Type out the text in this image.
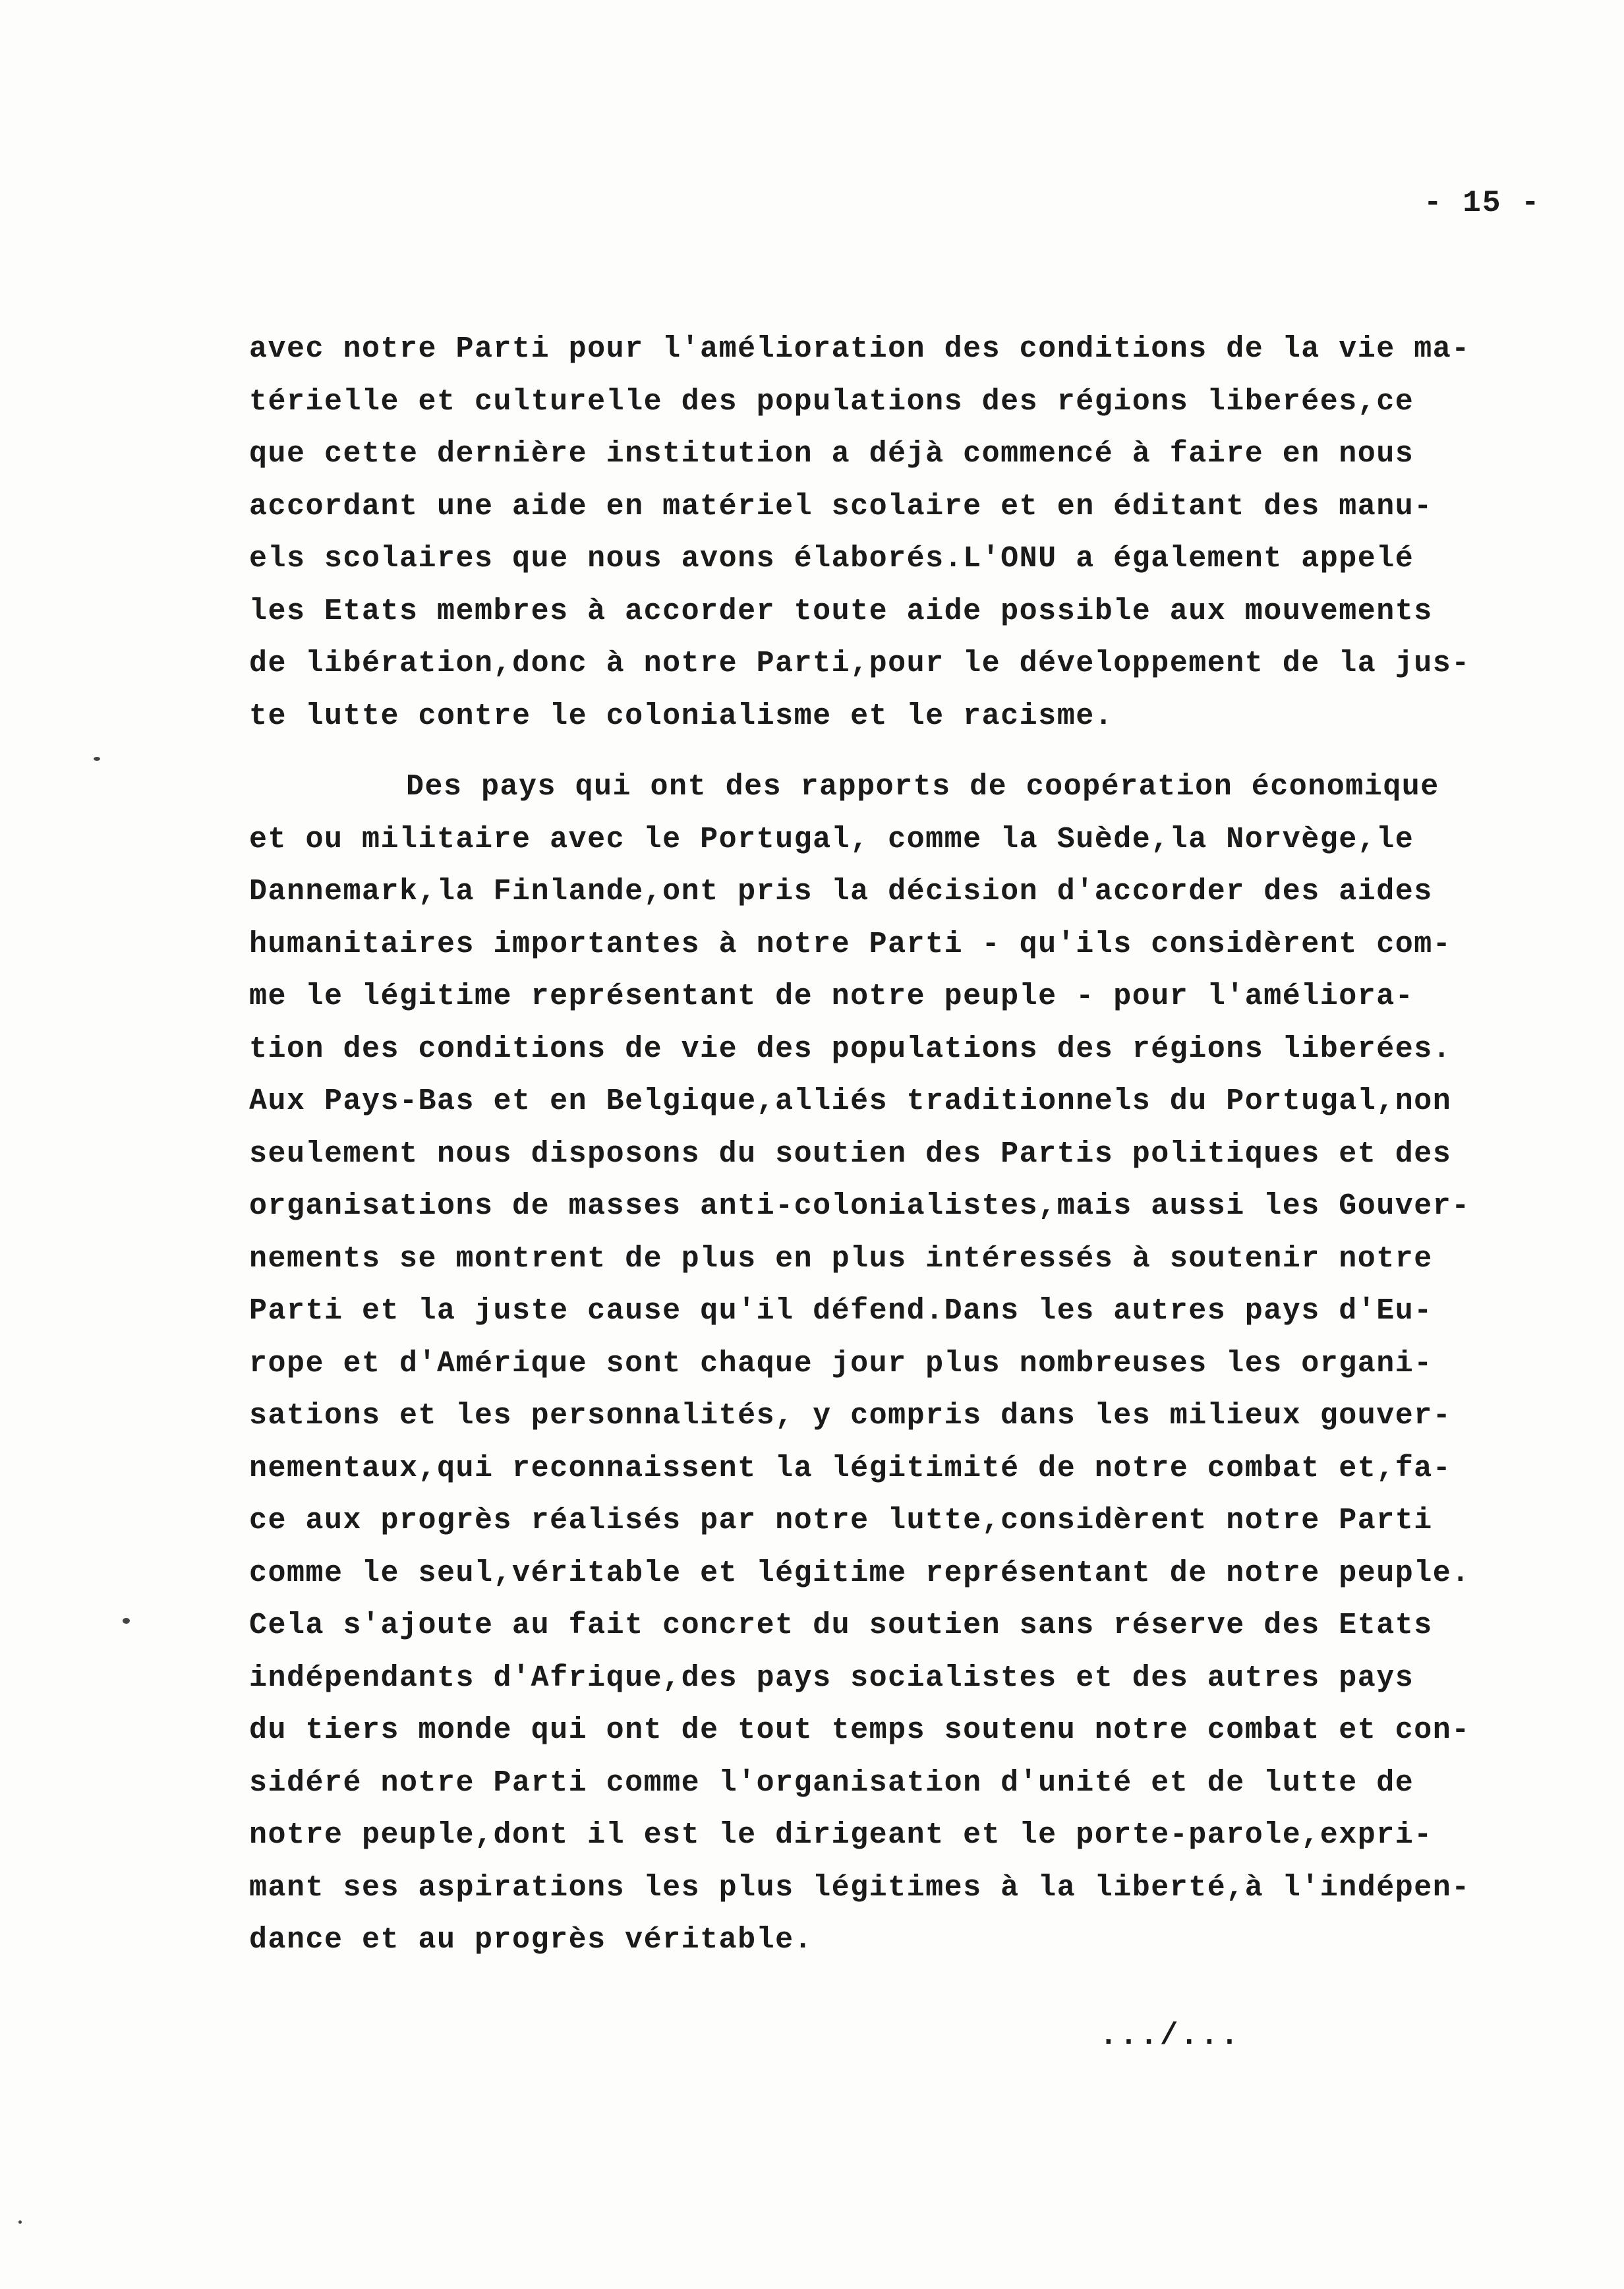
- 15 -
avec notre Parti pour l'amélioration des conditions de la vie ma-
térielle et culturelle des populations des régions liberées,ce
que cette dernière institution a déjà commencé à faire en nous
accordant une aide en matériel scolaire et en éditant des manu-
els scolaires que nous avons élaborés.L'ONU a également appelé
les Etats membres à accorder toute aide possible aux mouvements
de libération,donc à notre Parti,pour le développement de la jus-
te lutte contre le colonialisme et le racisme.
Des pays qui ont des rapports de coopération économique
et ou militaire avec le Portugal, comme la Suède,la Norvège,le
Dannemark,la Finlande,ont pris la décision d'accorder des aides
humanitaires importantes à notre Parti - qu'ils considèrent com-
me le légitime représentant de notre peuple - pour l'améliora-
tion des conditions de vie des populations des régions liberées.
Aux Pays-Bas et en Belgique,alliés traditionnels du Portugal,non
seulement nous disposons du soutien des Partis politiques et des
organisations de masses anti-colonialistes,mais aussi les Gouver-
nements se montrent de plus en plus intéressés à soutenir notre
Parti et la juste cause qu'il défend.Dans les autres pays d'Eu-
rope et d'Amérique sont chaque jour plus nombreuses les organi-
sations et les personnalités, y compris dans les milieux gouver-
nementaux,qui reconnaissent la légitimité de notre combat et,fa-
ce aux progrès réalisés par notre lutte,considèrent notre Parti
comme le seul,véritable et légitime représentant de notre peuple.
Cela s'ajoute au fait concret du soutien sans réserve des Etats
indépendants d'Afrique,des pays socialistes et des autres pays
du tiers monde qui ont de tout temps soutenu notre combat et con-
sidéré notre Parti comme l'organisation d'unité et de lutte de
notre peuple,dont il est le dirigeant et le porte-parole,expri-
mant ses aspirations les plus légitimes à la liberté,à l'indépen-
dance et au progrès véritable.
.../...
